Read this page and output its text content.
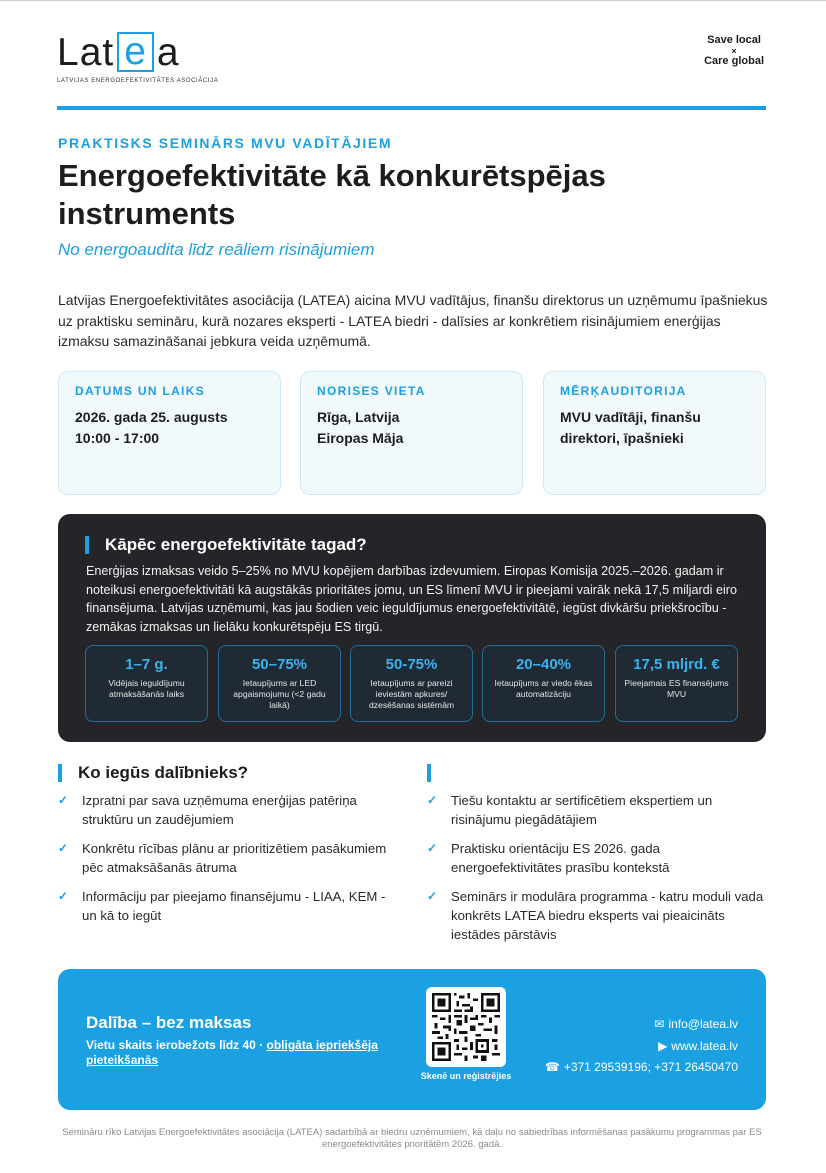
Lat e a
LATVIJAS ENERGOEFEKTIVITĀTES ASOCIĀCIJA
Save local
×
Care global
PRAKTISKS SEMINĀRS MVU VADĪTĀJIEM
Energoefektivitāte kā konkurētspējas instruments
No energoaudita līdz reāliem risinājumiem

Latvijas Energoefektivitātes asociācija (LATEA) aicina MVU vadītājus, finanšu direktorus un uzņēmumu īpašniekus uz praktisku semināru, kurā nozares eksperti - LATEA biedri - dalīsies ar konkrētiem risinājumiem enerģijas izmaksu samazināšanai jebkura veida uzņēmumā.

DATUMS UN LAIKS
2026. gada 25. augusts
10:00 - 17:00
NORISES VIETA
Rīga, Latvija
Eiropas Māja
MĒRĶAUDITORIJA
MVU vadītāji, finanšu
direktori, īpašnieki
Kāpēc energoefektivitāte tagad?

Enerģijas izmaksas veido 5–25% no MVU kopējiem darbības izdevumiem. Eiropas Komisija 2025.–2026. gadam ir noteikusi energoefektivitāti kā augstākās prioritātes jomu, un ES līmenī MVU ir pieejami vairāk nekā 17,5 miljardi eiro finansējuma. Latvijas uzņēmumi, kas jau šodien veic ieguldījumus energoefektivitātē, iegūst divkāršu priekšrocību - zemākas izmaksas un lielāku konkurētspēju ES tirgū.

1–7 g.
Vidējais ieguldījumu atmaksāšanās laiks
50–75%
Ietaupījums ar LED apgaismojumu (<2 gadu laikā)
50-75%
Ietaupījums ar pareizi ieviestām apkures/ dzesēšanas sistēmām
20–40%
Ietaupījums ar viedo ēkas automatizāciju
17,5 mljrd. €
Pieejamais ES finansējums MVU
Ko iegūs dalībnieks?
✓ Izpratni par sava uzņēmuma enerģijas patēriņa struktūru un zaudējumiem
✓ Konkrētu rīcības plānu ar prioritizētiem pasākumiem pēc atmaksāšanās ātruma
✓ Informāciju par pieejamo finansējumu - LIAA, KEM - un kā to iegūt
✓ Tiešu kontaktu ar sertificētiem ekspertiem un risinājumu piegādātājiem
✓ Praktisku orientāciju ES 2026. gada energoefektivitātes prasību kontekstā
✓ Seminārs ir modulāra programma - katru moduli vada konkrēts LATEA biedru eksperts vai pieaicināts iestādes pārstāvis
Dalība – bez maksas
Vietu skaits ierobežots līdz 40 · obligāta iepriekšēja pieteikšanās
Skenē un reģistrējies
✉ info@latea.lv
▶ www.latea.lv
☎ +371 29539196; +371 26450470

Semināru rīko Latvijas Energoefektivitātes asociācija (LATEA) sadarbībā ar biedru uzņēmumiem, kā daļu no sabiedrības informēšanas pasākumu programmas par ES energoefektivitātes prioritātēm 2026. gadā.
